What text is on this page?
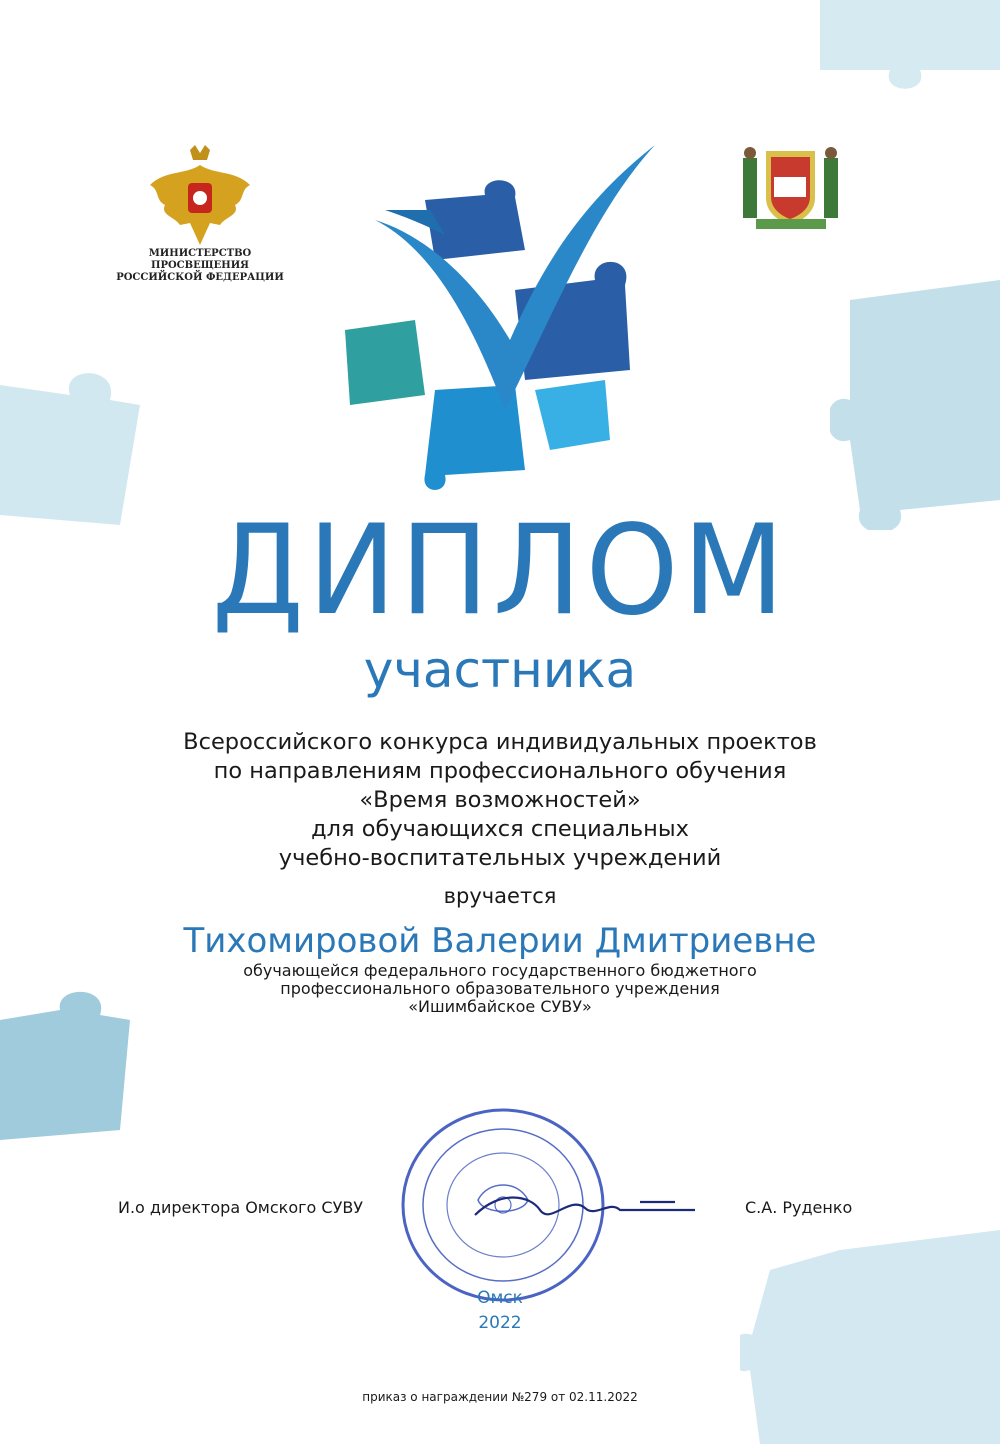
МИНИСТЕРСТВО ПРОСВЕЩЕНИЯ
РОССИЙСКОЙ ФЕДЕРАЦИИ
ДИПЛОМ
участника
Всероссийского конкурса индивидуальных проектов
по направлениям профессионального обучения
«Время возможностей»
для обучающихся специальных
учебно-воспитательных учреждений
вручается
Тихомировой Валерии Дмитриевне
обучающейся федерального государственного бюджетного
профессионального образовательного учреждения
«Ишимбайское СУВУ»
И.о директора Омского СУВУ	С.А. Руденко
Омск
2022
приказ о награждении №279 от 02.11.2022
